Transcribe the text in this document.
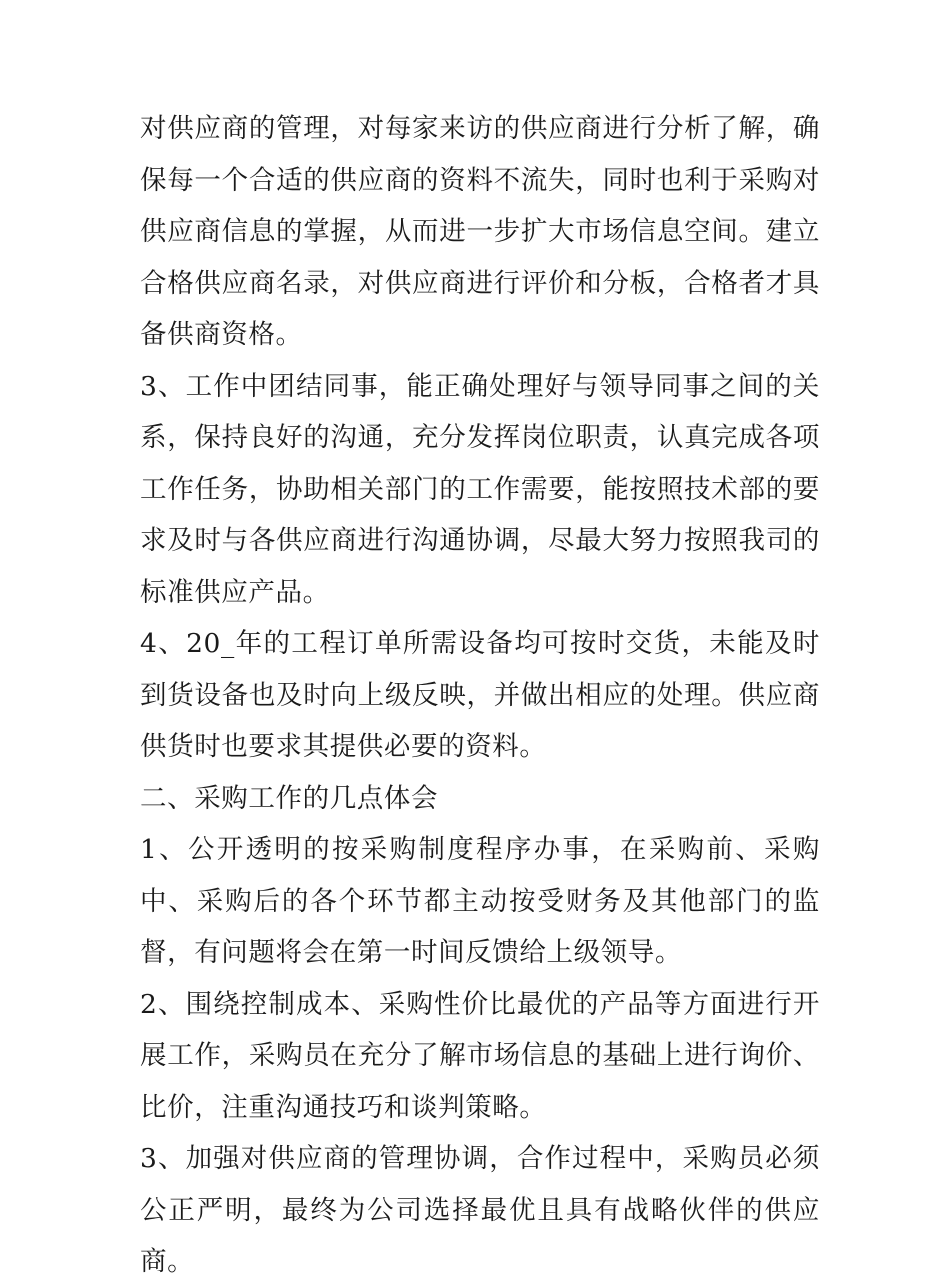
对供应商的管理，对每家来访的供应商进行分析了解，确保每一个合适的供应商的资料不流失，同时也利于采购对供应商信息的掌握，从而进一步扩大市场信息空间。建立合格供应商名录，对供应商进行评价和分板，合格者才具备供商资格。

3、工作中团结同事，能正确处理好与领导同事之间的关系，保持良好的沟通，充分发挥岗位职责，认真完成各项工作任务，协助相关部门的工作需要，能按照技术部的要求及时与各供应商进行沟通协调，尽最大努力按照我司的标准供应产品。

4、20_年的工程订单所需设备均可按时交货，未能及时到货设备也及时向上级反映，并做出相应的处理。供应商供货时也要求其提供必要的资料。

二、采购工作的几点体会

1、公开透明的按采购制度程序办事，在采购前、采购中、采购后的各个环节都主动按受财务及其他部门的监督，有问题将会在第一时间反馈给上级领导。

2、围绕控制成本、采购性价比最优的产品等方面进行开展工作，采购员在充分了解市场信息的基础上进行询价、比价，注重沟通技巧和谈判策略。

3、加强对供应商的管理协调，合作过程中，采购员必须公正严明，最终为公司选择最优且具有战略伙伴的供应商。
